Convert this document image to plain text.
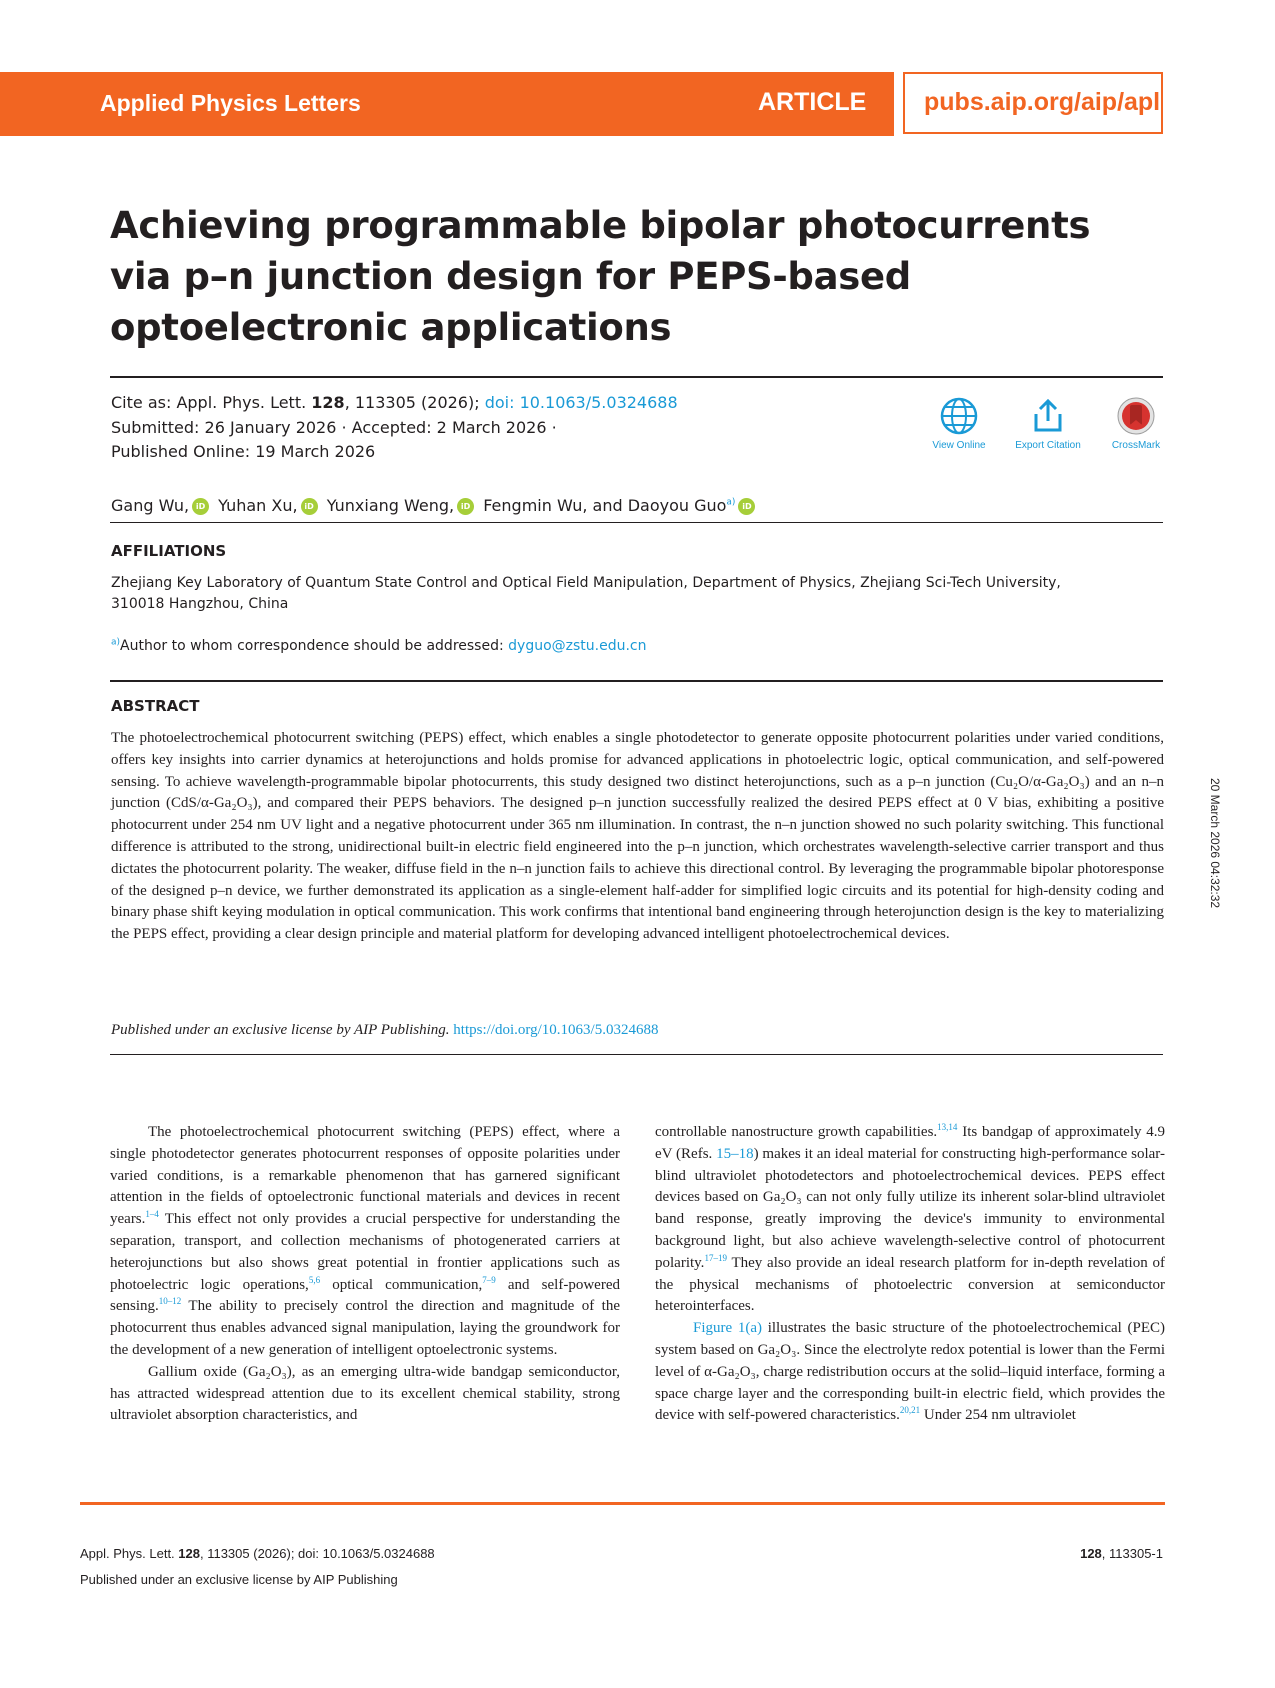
Applied Physics Letters	ARTICLE pubs.aip.org/aip/apl
Achieving programmable bipolar photocurrents
via p–n junction design for PEPS-based
optoelectronic applications
Cite as: Appl. Phys. Lett. 128, 113305 (2026); doi: 10.1063/5.0324688
Submitted: 26 January 2026 · Accepted: 2 March 2026 ·
Published Online: 19 March 2026	View Online	Export Citation	CrossMark
Gang Wu, iD Yuhan Xu, iD Yunxiang Weng, iD Fengmin Wu, and Daoyou Guo$^{a)}$ iD
AFFILIATIONS
Zhejiang Key Laboratory of Quantum State Control and Optical Field Manipulation, Department of Physics, Zhejiang Sci-Tech University, 310018 Hangzhou, China
$^{a)}$Author to whom correspondence should be addressed: dyguo@zstu.edu.cn
ABSTRACT
The photoelectrochemical photocurrent switching (PEPS) effect, which enables a single photodetector to generate opposite photocurrent polarities under varied conditions, offers key insights into carrier dynamics at heterojunctions and holds promise for advanced applications in photoelectric logic, optical communication, and self-powered sensing. To achieve wavelength-programmable bipolar photocurrents, this study designed two distinct heterojunctions, such as a p–n junction (Cu₂O/α-Ga₂O₃) and an n–n junction (CdS/α-Ga₂O₃), and compared their PEPS behaviors. The designed p–n junction successfully realized the desired PEPS effect at 0 V bias, exhibiting a positive photocurrent under 254 nm UV light and a negative photocurrent under 365 nm illumination. In contrast, the n–n junction showed no such polarity switching. This functional difference is attributed to the strong, unidirectional built-in electric field engineered into the p–n junction, which orchestrates wavelength-selective carrier transport and thus dictates the photocurrent polarity. The weaker, diffuse field in the n–n junction fails to achieve this directional control. By leveraging the programmable bipolar photoresponse of the designed p–n device, we further demonstrated its application as a single-element half-adder for simplified logic circuits and its potential for high-density coding and binary phase shift keying modulation in optical communication. This work confirms that intentional band engineering through heterojunction design is the key to materializing the PEPS effect, providing a clear design principle and material platform for developing advanced intelligent photoelectrochemical devices.
Published under an exclusive license by AIP Publishing. https://doi.org/10.1063/5.0324688

The photoelectrochemical photocurrent switching (PEPS) effect, where a single photodetector generates photocurrent responses of opposite polarities under varied conditions, is a remarkable phenomenon that has garnered significant attention in the fields of optoelectronic functional materials and devices in recent years.$^{1-4}$ This effect not only provides a crucial perspective for understanding the separation, transport, and collection mechanisms of photogenerated carriers at heterojunctions but also shows great potential in frontier applications such as photoelectric logic operations,$^{5,6}$ optical communication,$^{7-9}$ and self-powered sensing.$^{10-12}$ The ability to precisely control the direction and magnitude of the photocurrent thus enables advanced signal manipulation, laying the groundwork for the development of a new generation of intelligent optoelectronic systems.

Gallium oxide (Ga₂O₃), as an emerging ultra-wide bandgap semiconductor, has attracted widespread attention due to its excellent chemical stability, strong ultraviolet absorption characteristics, and

controllable nanostructure growth capabilities.$^{13,14}$ Its bandgap of approximately 4.9 eV (Refs. 15–18) makes it an ideal material for constructing high-performance solar-blind ultraviolet photodetectors and photoelectrochemical devices. PEPS effect devices based on Ga₂O₃ can not only fully utilize its inherent solar-blind ultraviolet band response, greatly improving the device's immunity to environmental background light, but also achieve wavelength-selective control of photocurrent polarity.$^{17-19}$ They also provide an ideal research platform for in-depth revelation of the physical mechanisms of photoelectric conversion at semiconductor heterointerfaces.

Figure 1(a) illustrates the basic structure of the photoelectrochemical (PEC) system based on Ga₂O₃. Since the electrolyte redox potential is lower than the Fermi level of α-Ga₂O₃, charge redistribution occurs at the solid–liquid interface, forming a space charge layer and the corresponding built-in electric field, which provides the device with self-powered characteristics.$^{20,21}$ Under 254 nm ultraviolet

Appl. Phys. Lett. 128, 113305 (2026); doi: 10.1063/5.0324688	128, 113305-1
Published under an exclusive license by AIP Publishing
20 March 2026 04:32:32
